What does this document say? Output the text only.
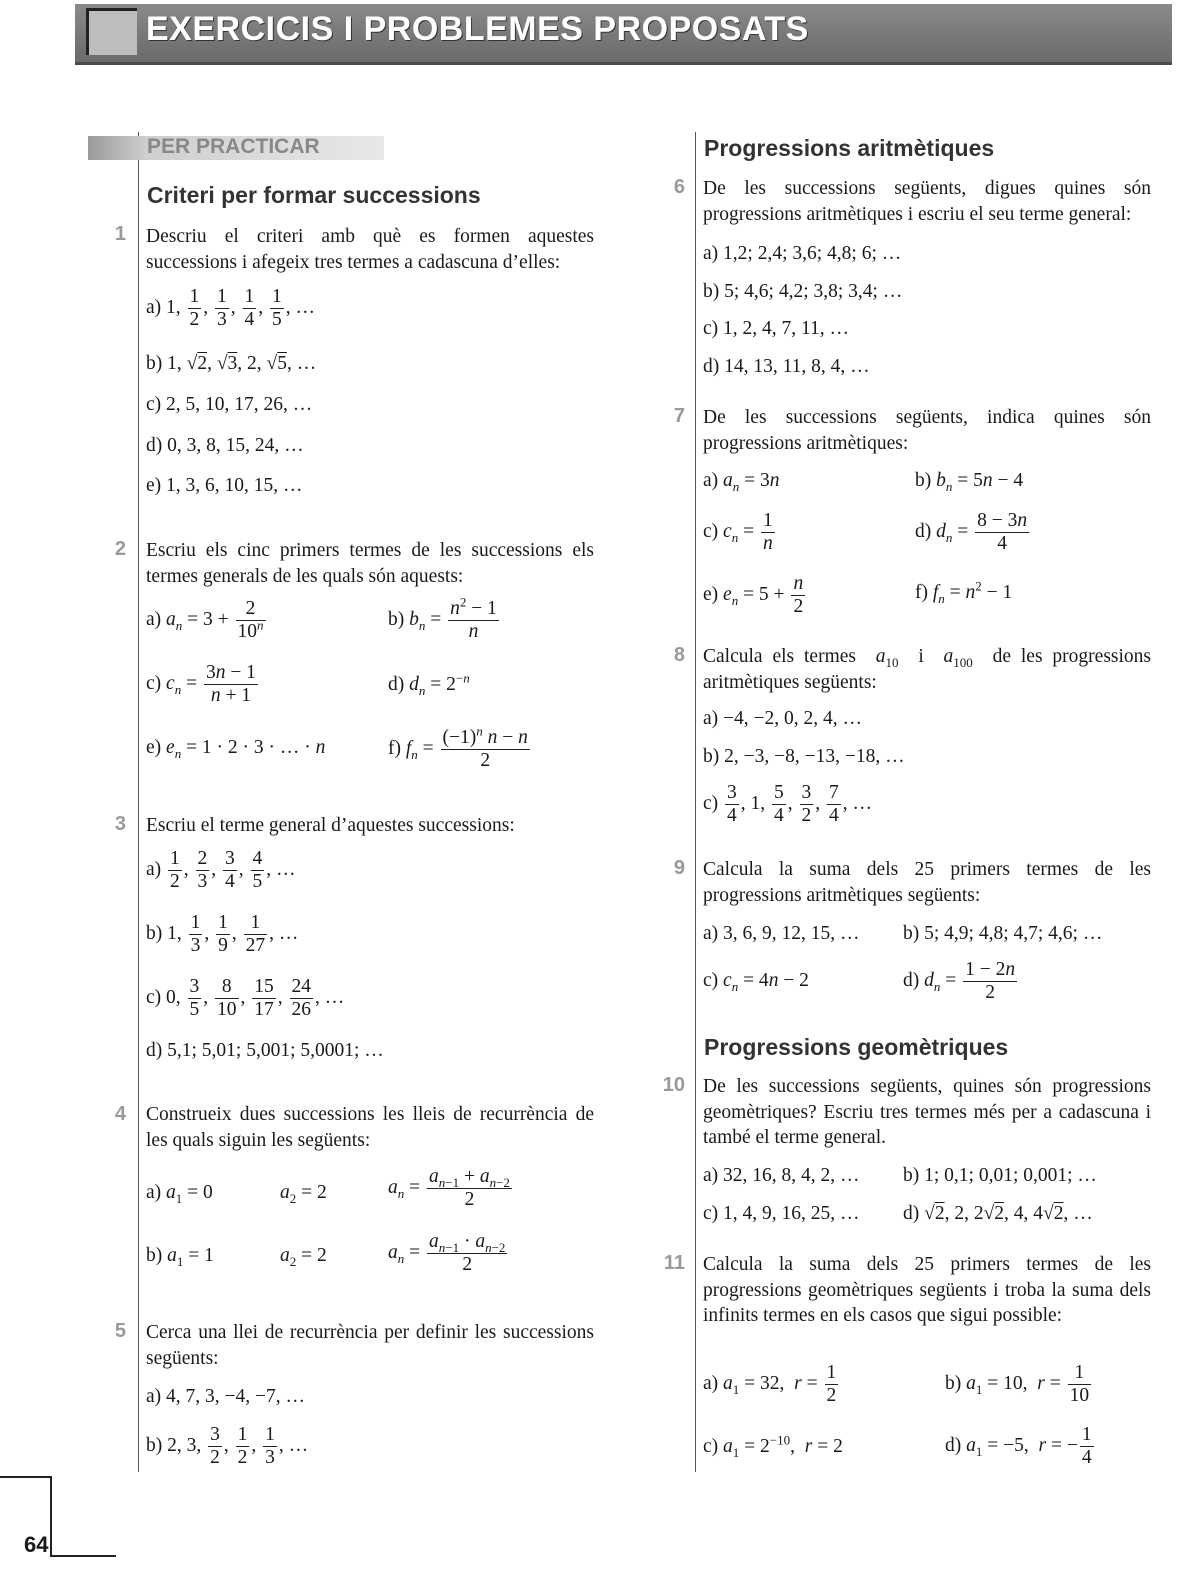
EXERCICIS I PROBLEMES PROPOSATS
PER PRACTICAR
Criteri per formar successions
1 Descriu el criteri amb què es formen aquestes successions i afegeix tres termes a cadascuna d’elles:
a) 1, $\frac{1}{2}$ , $\frac{1}{3}$ , $\frac{1}{4}$ , $\frac{1}{5}$ , …
b) 1, √2, √3, 2, √5, …
c) 2, 5, 10, 17, 26, …
d) 0, 3, 8, 15, 24, …
e) 1, 3, 6, 10, 15, …
2 Escriu els cinc primers termes de les successions els termes generals de les quals són aquests:
a) $a_n = 3 + \frac{2}{10^n}$	b) $b_n = \frac{n^2 - 1}{n}$
c) $c_n = \frac{3n - 1}{n + 1}$	d) $d_n = 2^{-n}$
e) $e_n = 1 \cdot 2 \cdot 3$ · … · n	f) $f_n = \frac{(-1)^n n - n}{2}$
3 Escriu el terme general d’aquestes successions:
$a) \frac{1}{2}$ , $\frac{2}{3}$ , $\frac{3}{4}$ , $\frac{4}{5}$ , …
b) 1, $\frac{1}{3}$ , $\frac{1}{9}$ , $\frac{1}{27}$ , …
c) 0, $\frac{3}{5}$ , $\frac{8}{10}$ , $\frac{15}{17}$ , $\frac{24}{26}$ , …
d) 5,1; 5,01; 5,001; 5,0001; …
4 Construeix dues successions les lleis de recurrència de les quals siguin les següents:
a) $a_1 = 0$	$a_2 = 2$	$a_n = \frac{a_{n-1} + a_{n-2}}{2}$
b) $a_1 = 1$	$a_2 = 2$	$a_n = \frac{a_{n-1} \cdot a_{n-2}}{2}$
5 Cerca una llei de recurrència per definir les successions següents:
a) 4, 7, 3, −4, −7, …
b) 2, 3, $\frac{3}{2}$ , $\frac{1}{2}$ , $\frac{1}{3}$ , …
Progressions aritmètiques
6 De les successions següents, digues quines són progressions aritmètiques i escriu el seu terme general:
a) 1,2; 2,4; 3,6; 4,8; 6; …
b) 5; 4,6; 4,2; 3,8; 3,4; …
c) 1, 2, 4, 7, 11, …
d) 14, 13, 11, 8, 4, …
7 De les successions següents, indica quines són progressions aritmètiques:
a) $a_n = 3n$	b) $b_n = 5n - 4$
c) $c_n = \frac{1}{n}$	d) $d_n = \frac{8 - 3n}{4}$
e) $e_n = 5 + \frac{n}{2}$	f) $f_n = n^2 - 1$
8 Calcula els termes $a_{10}$  i  $a_{100}$ de les progressions aritmètiques següents:
a) −4, −2, 0, 2, 4, …
b) 2, −3, −8, −13, −18, …
$c) \frac{3}{4}$ , 1, $\frac{5}{4}$ , $\frac{3}{2}$ , $\frac{7}{4}$ , …
9 Calcula la suma dels 25 primers termes de les progressions aritmètiques següents:
a) 3, 6, 9, 12, 15, … b) 5; 4,9; 4,8; 4,7; 4,6; …
c) $c_n = 4n - 2$	d) $d_n = \frac{1 - 2n}{2}$
Progressions geomètriques
10 De les successions següents, quines són progressions geomètriques? Escriu tres termes més per a cadascuna i també el terme general.
a) 32, 16, 8, 4, 2, … b) 1; 0,1; 0,01; 0,001; …
c) 1, 4, 9, 16, 25, … d) √2, 2, 2√2, 4, 4√2, …
11 Calcula la suma dels 25 primers termes de les progressions geomètriques següents i troba la suma dels infinits termes en els casos que sigui possible:
a) $a_1 = 32$,  $r = \frac{1}{2}$	b) $a_1 = 10$,  $r = \frac{1}{10}$
c) $a_1 = 2^{-10}$,  r = 2	d) $a_1 = -5$,  r = − $\frac{1}{4}$
64
